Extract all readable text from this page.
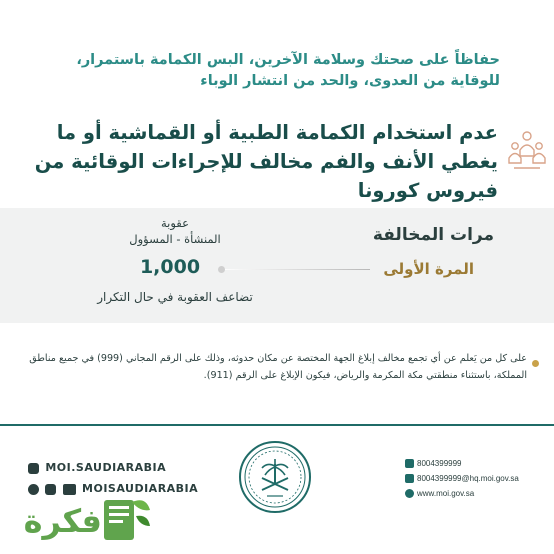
حفاظاً على صحتك وسلامة الآخرين، البس الكمامة باستمرار، للوقاية من العدوى، والحد من انتشار الوباء
عدم استخدام الكمامة الطبية أو القماشية أو ما يغطي الأنف والفم مخالف للإجراءات الوقائية من فيروس كورونا
مرات المخالفة
المرة الأولى
عقوبة
المنشأة - المسؤول
1,000
تضاعف العقوبة في حال التكرار
على كل من يَعلم عن أي تجمع مخالف إبلاغ الجهة المختصة عن مكان حدوثه، وذلك على الرقم المجاني (999) في جميع مناطق المملكة، باستثناء منطقتي مكة المكرمة والرياض، فيكون الإبلاغ على الرقم (911).
MOI.SAUDIARABIA
MOISAUDIARABIA
8004399999
8004399999@hq.moi.gov.sa
www.moi.gov.sa
فكرة
